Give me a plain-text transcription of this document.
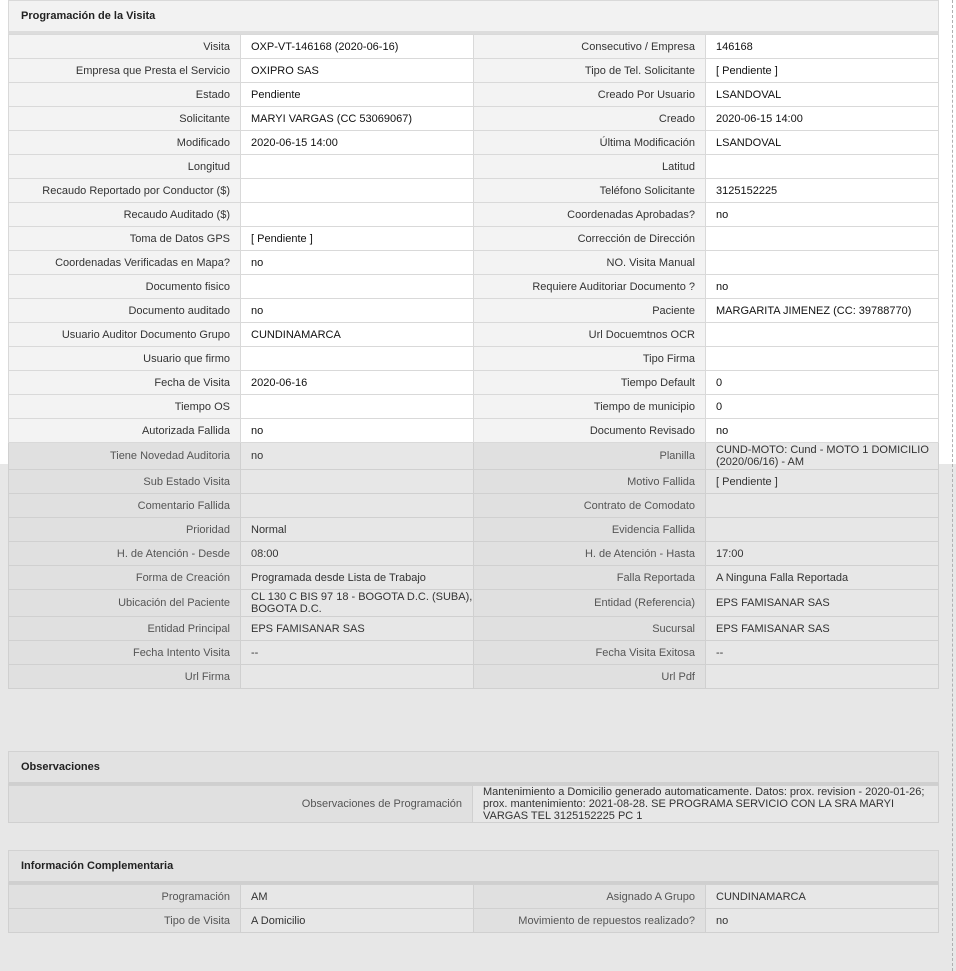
Programación de la Visita
Visita	OXP-VT-146168 (2020-06-16)	Consecutivo / Empresa	146168
Empresa que Presta el Servicio	OXIPRO SAS	Tipo de Tel. Solicitante	[ Pendiente ]
Estado	Pendiente	Creado Por Usuario	LSANDOVAL
Solicitante	MARYI VARGAS (CC 53069067)	Creado	2020-06-15 14:00
Modificado	2020-06-15 14:00	Última Modificación	LSANDOVAL
Longitud		Latitud	
Recaudo Reportado por Conductor ($)		Teléfono Solicitante	3125152225
Recaudo Auditado ($)		Coordenadas Aprobadas?	no
Toma de Datos GPS	[ Pendiente ]	Corrección de Dirección	
Coordenadas Verificadas en Mapa?	no	NO. Visita Manual	
Documento fisico		Requiere Auditoriar Documento ?	no
Documento auditado	no	Paciente	MARGARITA JIMENEZ (CC: 39788770)
Usuario Auditor Documento Grupo	CUNDINAMARCA	Url Docuemtnos OCR	
Usuario que firmo		Tipo Firma	
Fecha de Visita	2020-06-16	Tiempo Default	0
Tiempo OS		Tiempo de municipio	0
Autorizada Fallida	no	Documento Revisado	no
Tiene Novedad Auditoria	no	Planilla	CUND-MOTO: Cund - MOTO 1 DOMICILIO (2020/06/16) - AM
Sub Estado Visita		Motivo Fallida	[ Pendiente ]
Comentario Fallida		Contrato de Comodato	
Prioridad	Normal	Evidencia Fallida	
H. de Atención - Desde	08:00	H. de Atención - Hasta	17:00
Forma de Creación	Programada desde Lista de Trabajo	Falla Reportada	A Ninguna Falla Reportada
Ubicación del Paciente	CL 130 C BIS 97 18 - BOGOTA D.C. (SUBA), BOGOTA D.C.	Entidad (Referencia)	EPS FAMISANAR SAS
Entidad Principal	EPS FAMISANAR SAS	Sucursal	EPS FAMISANAR SAS
Fecha Intento Visita	--	Fecha Visita Exitosa	--
Url Firma		Url Pdf	
Observaciones
Observaciones de Programación	Mantenimiento a Domicilio generado automaticamente. Datos: prox. revision - 2020-01-26; prox. mantenimiento: 2021-08-28. SE PROGRAMA SERVICIO CON LA SRA MARYI VARGAS TEL 3125152225 PC 1
Información Complementaria
Programación	AM	Asignado A Grupo	CUNDINAMARCA
Tipo de Visita	A Domicilio	Movimiento de repuestos realizado?	no
